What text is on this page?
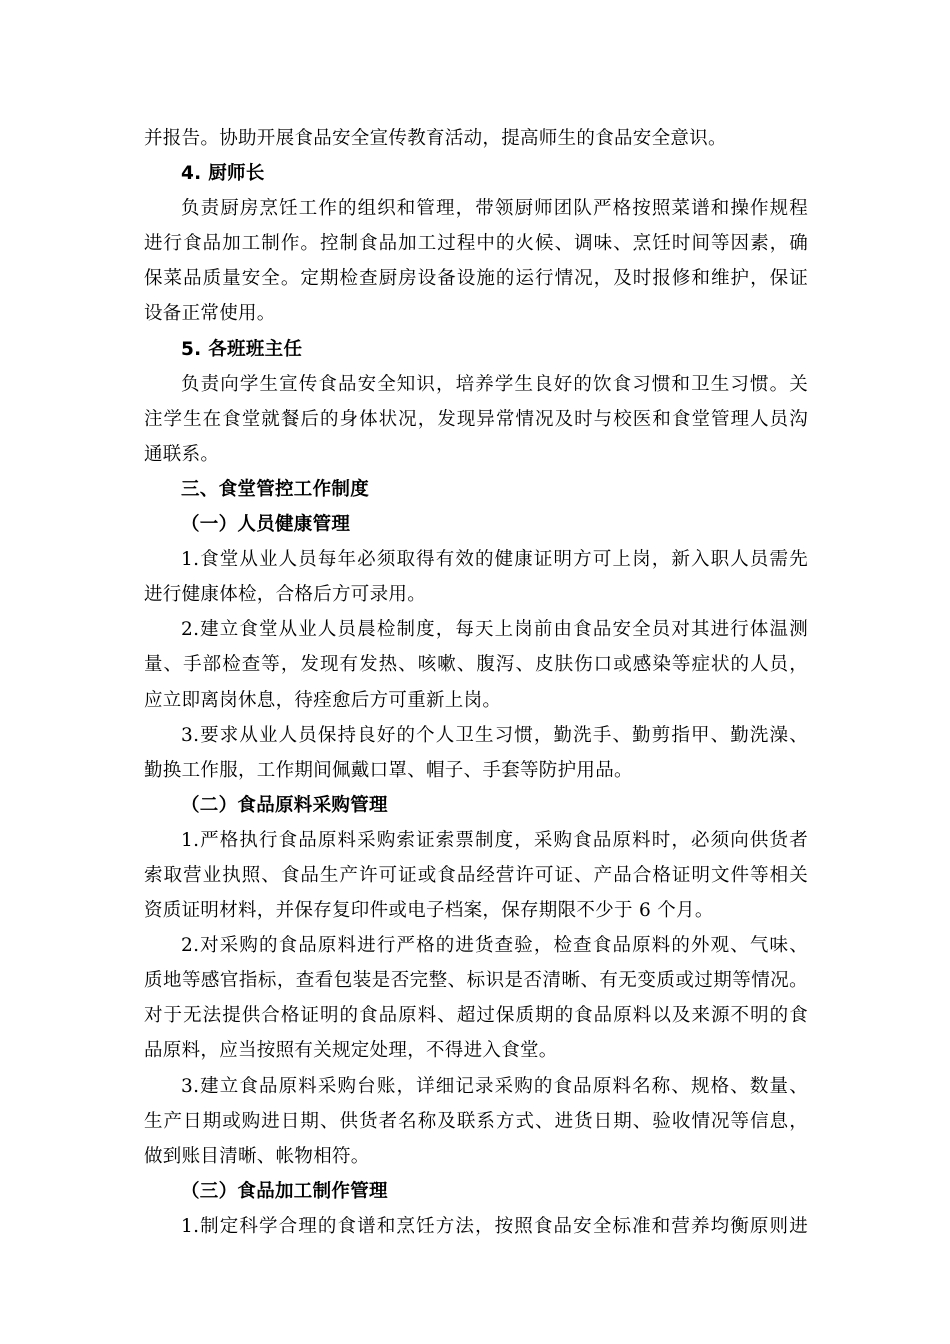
并报告。协助开展食品安全宣传教育活动，提高师生的食品安全意识。
4. 厨师长
负责厨房烹饪工作的组织和管理，带领厨师团队严格按照菜谱和操作规程
进行食品加工制作。控制食品加工过程中的火候、调味、烹饪时间等因素，确
保菜品质量安全。定期检查厨房设备设施的运行情况，及时报修和维护，保证
设备正常使用。
5. 各班班主任
负责向学生宣传食品安全知识，培养学生良好的饮食习惯和卫生习惯。关
注学生在食堂就餐后的身体状况，发现异常情况及时与校医和食堂管理人员沟
通联系。
三、食堂管控工作制度
（一）人员健康管理
1.食堂从业人员每年必须取得有效的健康证明方可上岗，新入职人员需先
进行健康体检，合格后方可录用。
2.建立食堂从业人员晨检制度，每天上岗前由食品安全员对其进行体温测
量、手部检查等，发现有发热、咳嗽、腹泻、皮肤伤口或感染等症状的人员，
应立即离岗休息，待痊愈后方可重新上岗。
3.要求从业人员保持良好的个人卫生习惯，勤洗手、勤剪指甲、勤洗澡、
勤换工作服，工作期间佩戴口罩、帽子、手套等防护用品。
（二）食品原料采购管理
1.严格执行食品原料采购索证索票制度，采购食品原料时，必须向供货者
索取营业执照、食品生产许可证或食品经营许可证、产品合格证明文件等相关
资质证明材料，并保存复印件或电子档案，保存期限不少于 6 个月。
2.对采购的食品原料进行严格的进货查验，检查食品原料的外观、气味、
质地等感官指标，查看包装是否完整、标识是否清晰、有无变质或过期等情况。
对于无法提供合格证明的食品原料、超过保质期的食品原料以及来源不明的食
品原料，应当按照有关规定处理，不得进入食堂。
3.建立食品原料采购台账，详细记录采购的食品原料名称、规格、数量、
生产日期或购进日期、供货者名称及联系方式、进货日期、验收情况等信息，
做到账目清晰、帐物相符。
（三）食品加工制作管理
1.制定科学合理的食谱和烹饪方法，按照食品安全标准和营养均衡原则进
